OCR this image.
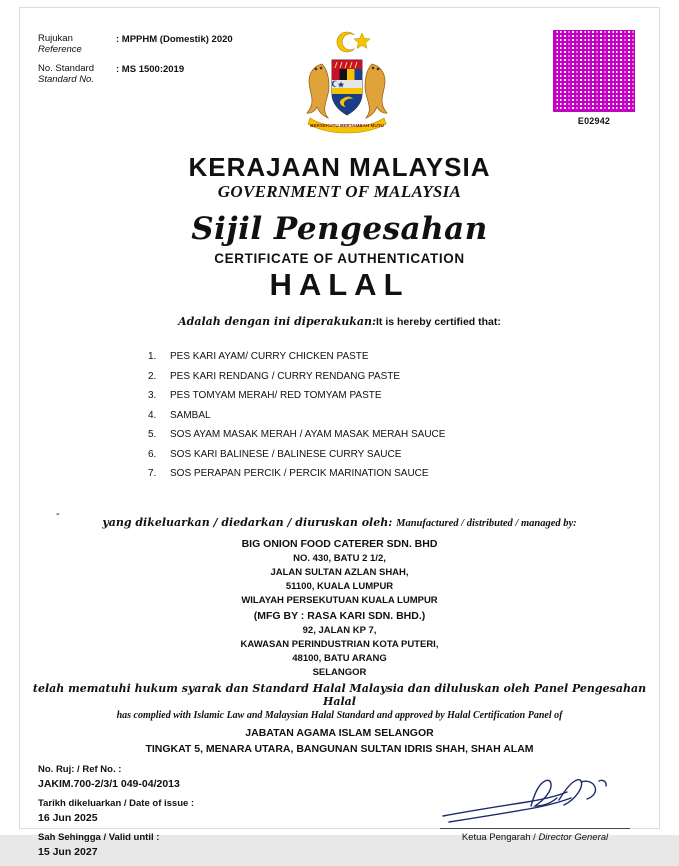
Rujukan
Reference
: MPPHM (Domestik) 2020
No. Standard
Standard No.
: MS 1500:2019
BERSEKUTU BERTAMBAH MUTU	E02942
KERAJAAN MALAYSIA
GOVERNMENT OF MALAYSIA
Sijil Pengesahan
CERTIFICATE OF AUTHENTICATION
HALAL
Adalah dengan ini diperakukan:It is hereby certified that:
1.	PES KARI AYAM/ CURRY CHICKEN PASTE
2.	PES KARI RENDANG / CURRY RENDANG PASTE
3.	PES TOMYAM MERAH/ RED TOMYAM PASTE
4.	SAMBAL
5.	SOS AYAM MASAK MERAH / AYAM MASAK MERAH SAUCE
6.	SOS KARI BALINESE / BALINESE CURRY SAUCE
7.	SOS PERAPAN PERCIK / PERCIK MARINATION SAUCE
-
yang dikeluarkan / diedarkan / diuruskan oleh: Manufactured / distributed / managed by:
BIG ONION FOOD CATERER SDN. BHD
NO. 430, BATU 2 1/2,
JALAN SULTAN AZLAN SHAH,
51100, KUALA LUMPUR
WILAYAH PERSEKUTUAN KUALA LUMPUR
(MFG BY : RASA KARI SDN. BHD.)
92, JALAN KP 7,
KAWASAN PERINDUSTRIAN KOTA PUTERI,
48100, BATU ARANG
SELANGOR
telah mematuhi hukum syarak dan Standard Halal Malaysia dan diluluskan oleh Panel Pengesahan Halal
has complied with Islamic Law and Malaysian Halal Standard and approved by Halal Certification Panel of
JABATAN AGAMA ISLAM SELANGOR
TINGKAT 5, MENARA UTARA, BANGUNAN SULTAN IDRIS SHAH, SHAH ALAM
No. Ruj: / Ref No. :
JAKIM.700-2/3/1 049-04/2013
Tarikh dikeluarkan / Date of issue :
16 Jun 2025
Sah Sehingga / Valid until :
15 Jun 2027
Ketua Pengarah / Director General
